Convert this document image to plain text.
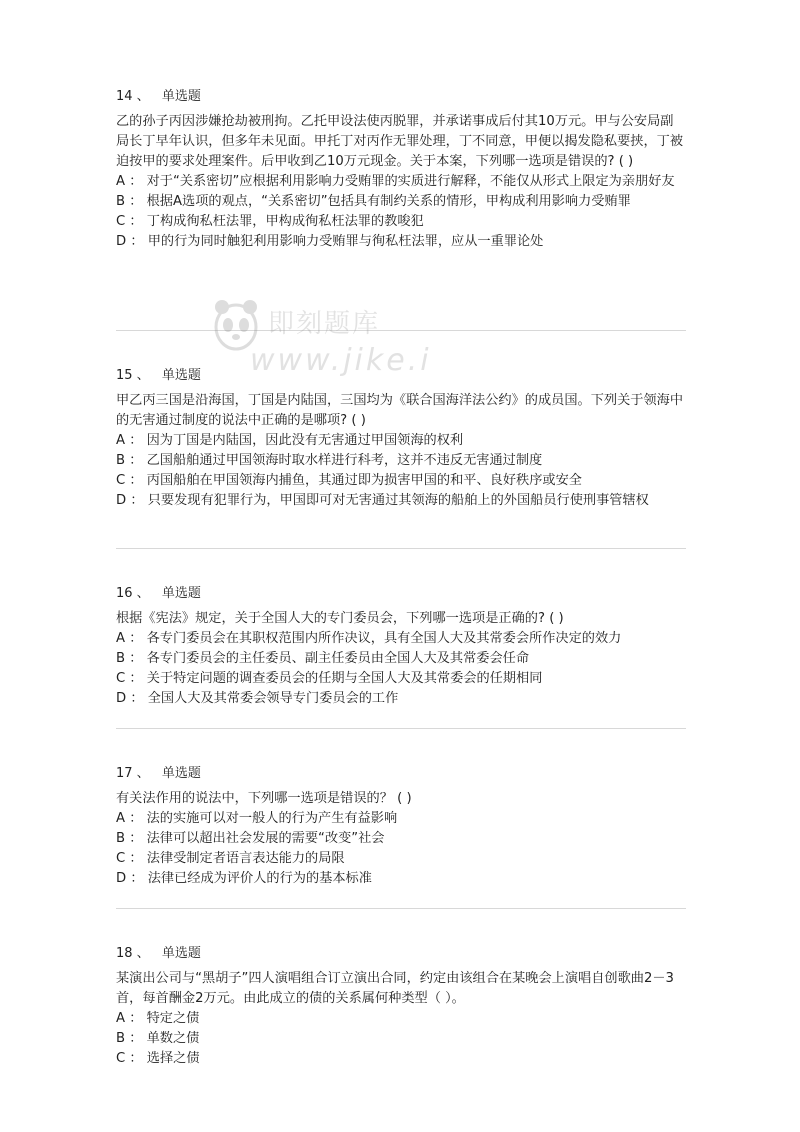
14 、 单选题

乙的孙子丙因涉嫌抢劫被刑拘。乙托甲设法使丙脱罪，并承诺事成后付其10万元。甲与公安局副局长丁早年认识，但多年未见面。甲托丁对丙作无罪处理，丁不同意，甲便以揭发隐私要挟，丁被迫按甲的要求处理案件。后甲收到乙10万元现金。关于本案，下列哪一选项是错误的? ( )

A ： 对于“关系密切”应根据利用影响力受贿罪的实质进行解释，不能仅从形式上限定为亲朋好友

B ： 根据A选项的观点，“关系密切”包括具有制约关系的情形，甲构成利用影响力受贿罪

C ： 丁构成徇私枉法罪，甲构成徇私枉法罪的教唆犯

D ： 甲的行为同时触犯利用影响力受贿罪与徇私枉法罪，应从一重罪论处

15 、 单选题

甲乙丙三国是沿海国，丁国是内陆国，三国均为《联合国海洋法公约》的成员国。下列关于领海中的无害通过制度的说法中正确的是哪项? ( )

A ： 因为丁国是内陆国，因此没有无害通过甲国领海的权利

B ： 乙国船舶通过甲国领海时取水样进行科考，这并不违反无害通过制度

C ： 丙国船舶在甲国领海内捕鱼，其通过即为损害甲国的和平、良好秩序或安全

D ： 只要发现有犯罪行为，甲国即可对无害通过其领海的船舶上的外国船员行使刑事管辖权

16 、 单选题

根据《宪法》规定，关于全国人大的专门委员会，下列哪一选项是正确的? ( )

A ： 各专门委员会在其职权范围内所作决议，具有全国人大及其常委会所作决定的效力

B ： 各专门委员会的主任委员、副主任委员由全国人大及其常委会任命

C ： 关于特定问题的调查委员会的任期与全国人大及其常委会的任期相同

D ： 全国人大及其常委会领导专门委员会的工作

17 、 单选题

有关法作用的说法中，下列哪一选项是错误的？ ( )

A ： 法的实施可以对一般人的行为产生有益影响

B ： 法律可以超出社会发展的需要“改变”社会

C ： 法律受制定者语言表达能力的局限

D ： 法律已经成为评价人的行为的基本标准

18 、 单选题

某演出公司与“黑胡子”四人演唱组合订立演出合同，约定由该组合在某晚会上演唱自创歌曲2－3首，每首酬金2万元。由此成立的债的关系属何种类型（ ）。

A ： 特定之债

B ： 单数之债

C ： 选择之债

即刻题库
www.jike.i
